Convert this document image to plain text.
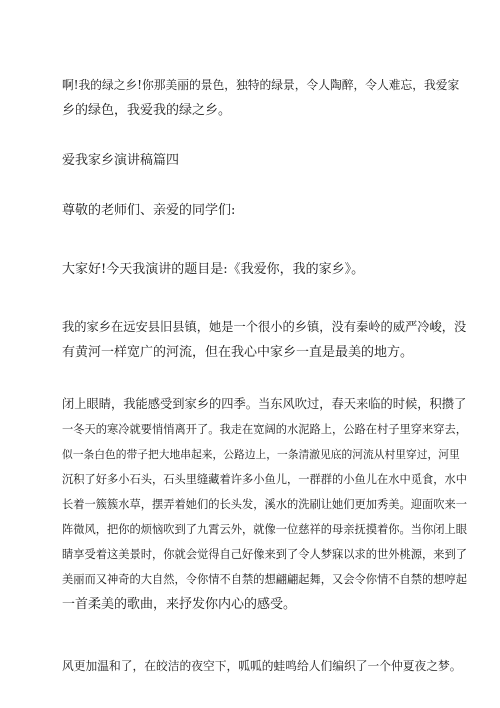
啊!我的绿之乡!你那美丽的景色，独特的绿景，令人陶醉，令人难忘，我爱家
乡的绿色，我爱我的绿之乡。
爱我家乡演讲稿篇四
尊敬的老师们、亲爱的同学们:
大家好!今天我演讲的题目是:《我爱你，我的家乡》。
我的家乡在远安县旧县镇，她是一个很小的乡镇，没有秦岭的威严冷峻，没
有黄河一样宽广的河流，但在我心中家乡一直是最美的地方。
闭上眼睛，我能感受到家乡的四季。当东风吹过，春天来临的时候，积攒了
一冬天的寒冷就要悄悄离开了。我走在宽阔的水泥路上，公路在村子里穿来穿去，
似一条白色的带子把大地串起来，公路边上，一条清澈见底的河流从村里穿过，河里
沉积了好多小石头，石头里缝藏着许多小鱼儿，一群群的小鱼儿在水中觅食，水中
长着一簇簇水草，摆弄着她们的长头发，溪水的洗刷让她们更加秀美。迎面吹来一
阵微风，把你的烦恼吹到了九霄云外，就像一位慈祥的母亲抚摸着你。当你闭上眼
睛享受着这美景时，你就会觉得自己好像来到了令人梦寐以求的世外桃源，来到了
美丽而又神奇的大自然，令你情不自禁的想翩翩起舞，又会令你情不自禁的想哼起
一首柔美的歌曲，来抒发你内心的感受。
风更加温和了，在皎洁的夜空下，呱呱的蛙鸣给人们编织了一个仲夏夜之梦。
